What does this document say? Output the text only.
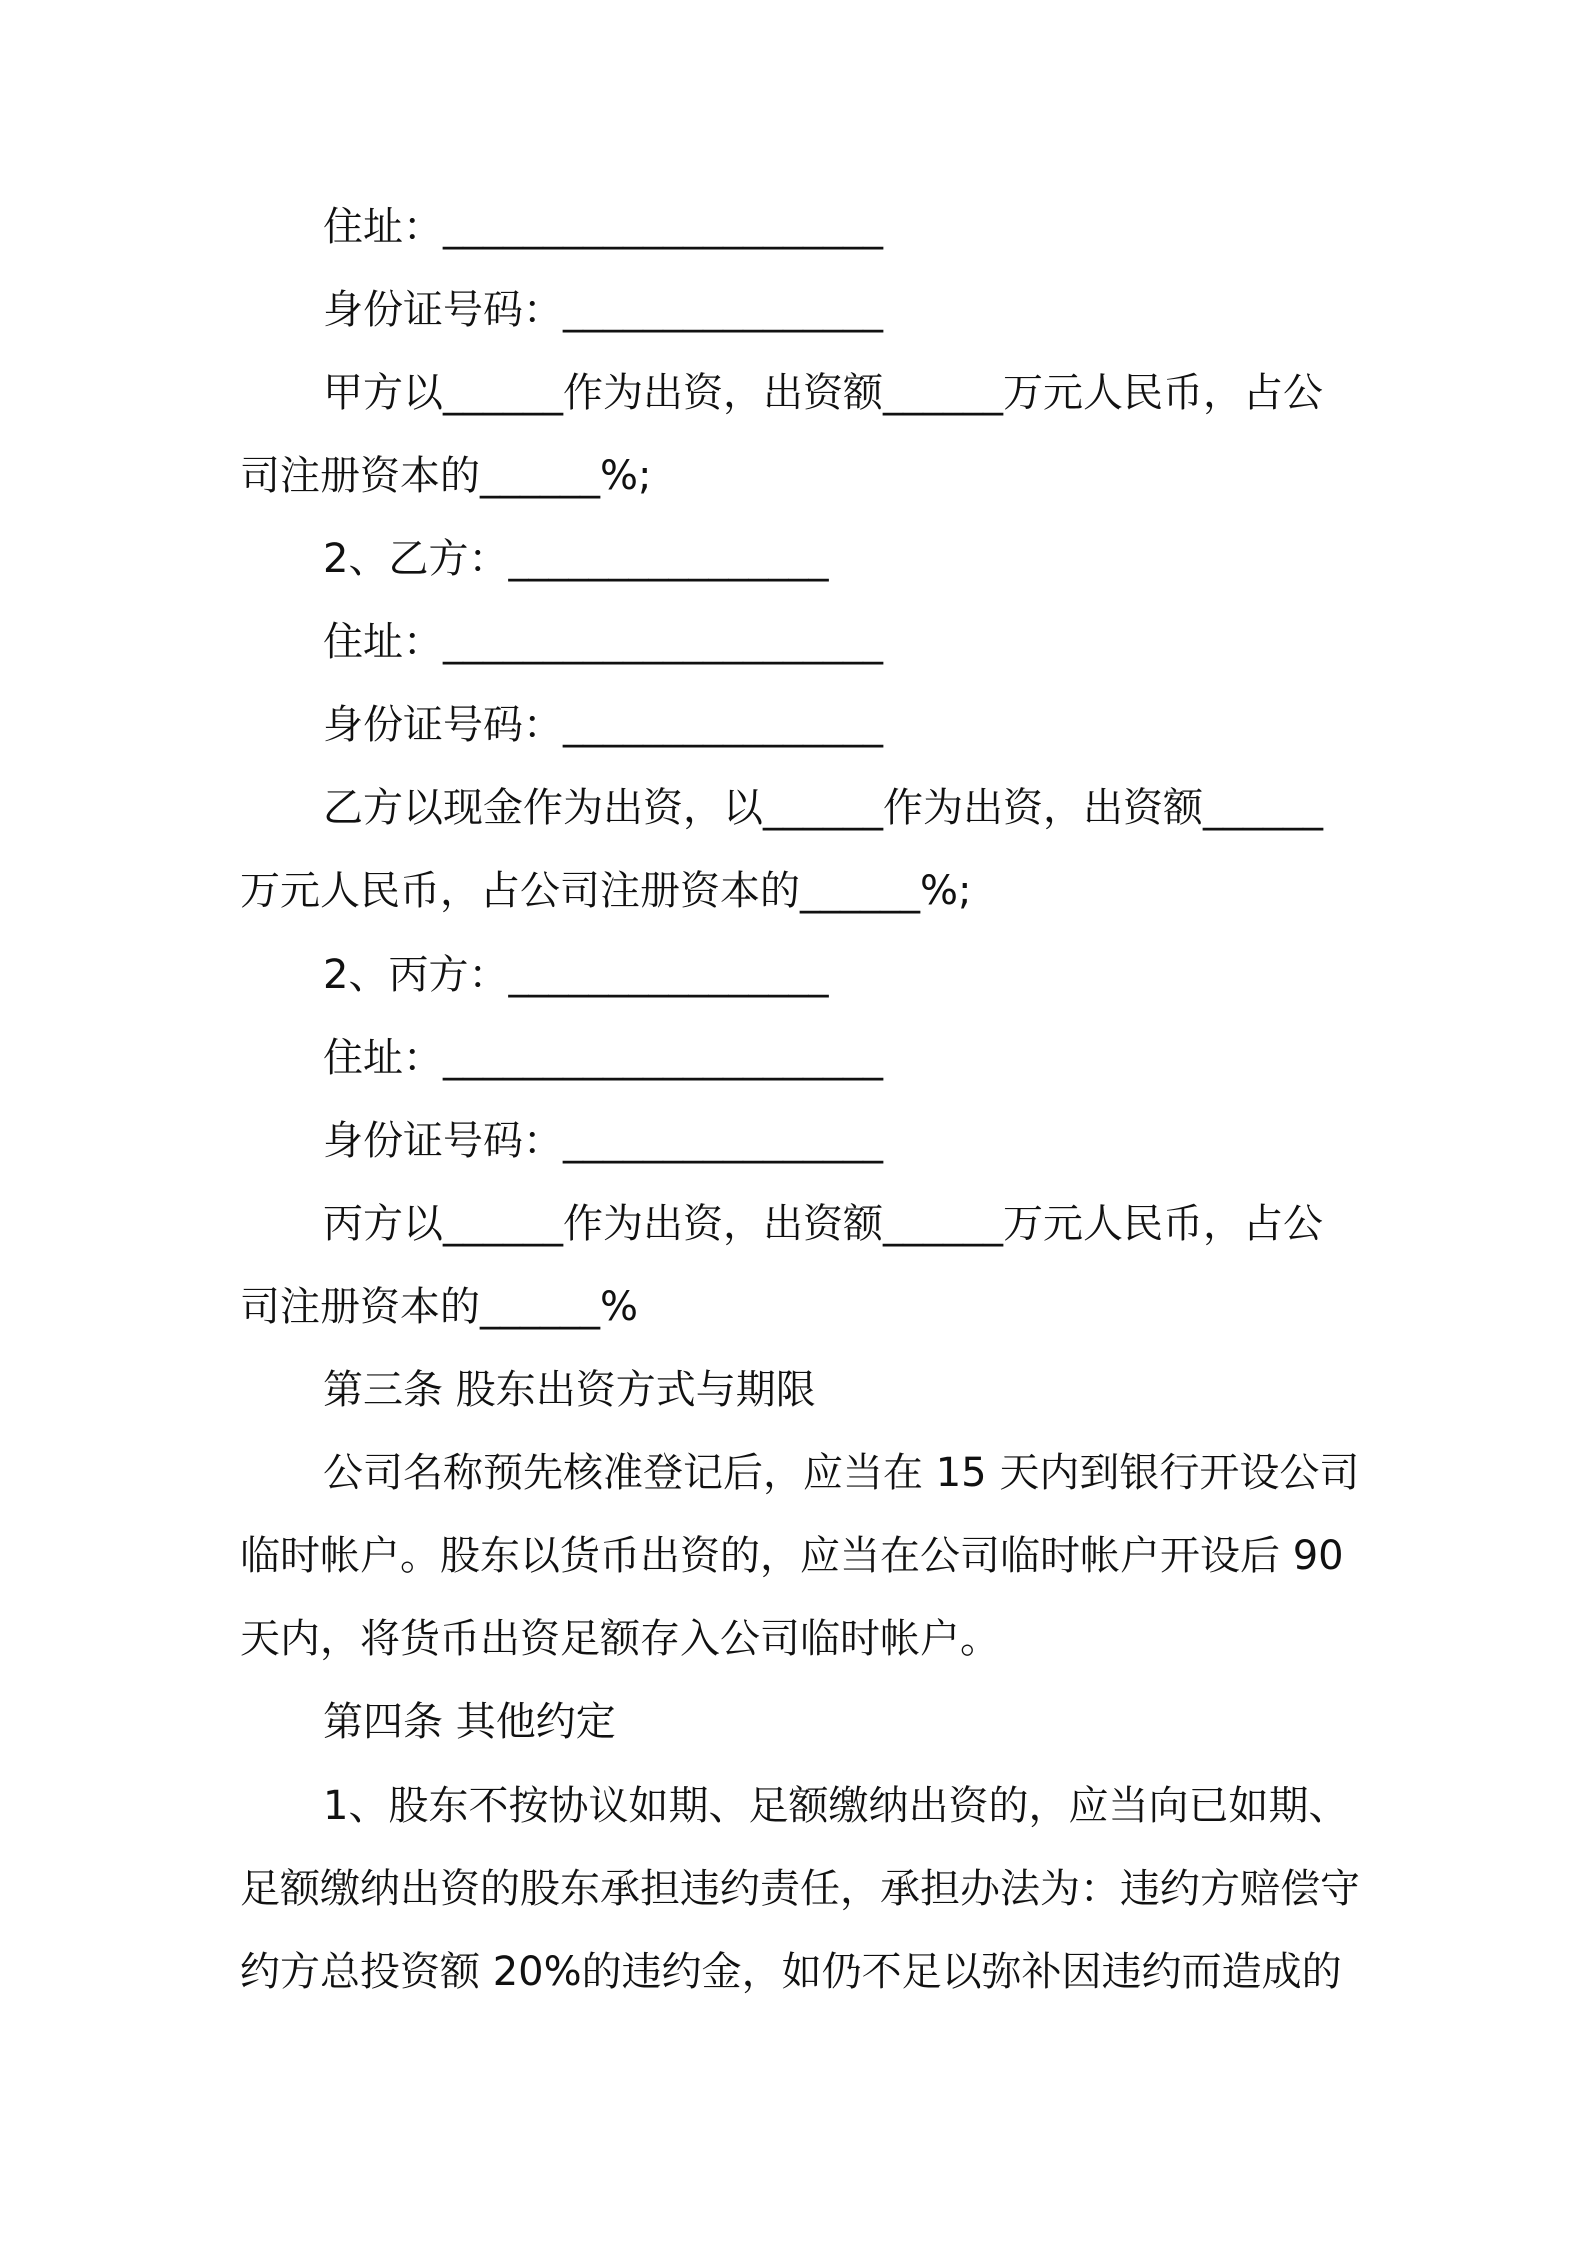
住址：______________________
身份证号码：________________
甲方以______作为出资，出资额______万元人民币，占公
司注册资本的______%;
2、乙方：________________
住址：______________________
身份证号码：________________
乙方以现金作为出资，以______作为出资，出资额______
万元人民币，占公司注册资本的______%;
2、丙方：________________
住址：______________________
身份证号码：________________
丙方以______作为出资，出资额______万元人民币，占公
司注册资本的______%
第三条 股东出资方式与期限
公司名称预先核准登记后，应当在 15 天内到银行开设公司
临时帐户。股东以货币出资的，应当在公司临时帐户开设后 90
天内，将货币出资足额存入公司临时帐户。
第四条 其他约定
1、股东不按协议如期、足额缴纳出资的，应当向已如期、
足额缴纳出资的股东承担违约责任，承担办法为：违约方赔偿守
约方总投资额 20%的违约金，如仍不足以弥补因违约而造成的
